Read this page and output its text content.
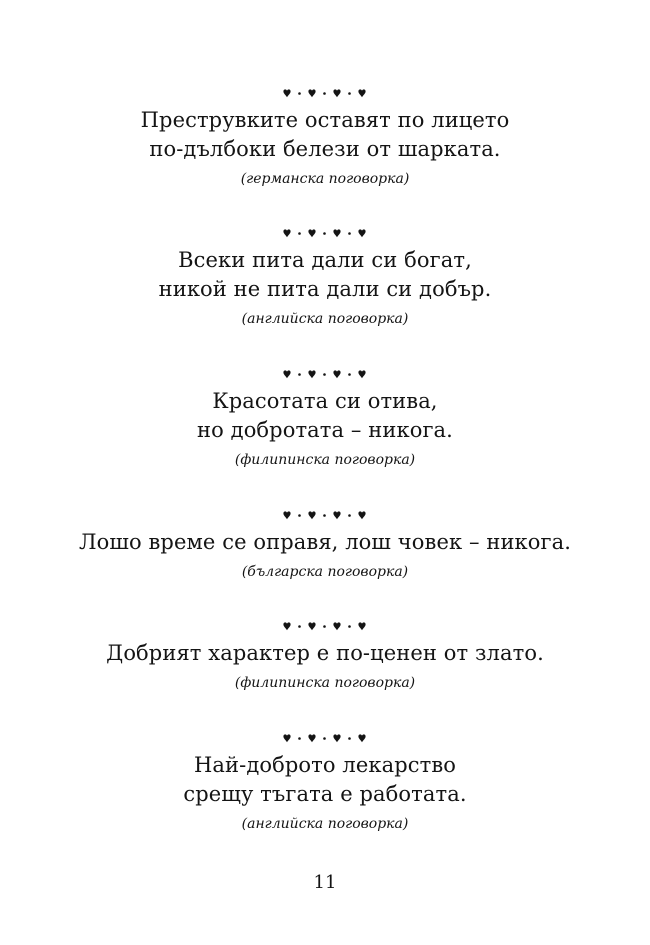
Преструвките оставят по лицето
по-дълбоки белези от шарката.
(германска поговорка)
Всеки пита дали си богат,
никой не пита дали си добър.
(английска поговорка)
Красотата си отива,
но добротата – никога.
(филипинска поговорка)
Лошо време се оправя, лош човек – никога.
(българска поговорка)
Добрият характер е по-ценен от злато.
(филипинска поговорка)
Най-доброто лекарство
срещу тъгата е работата.
(английска поговорка)
11
